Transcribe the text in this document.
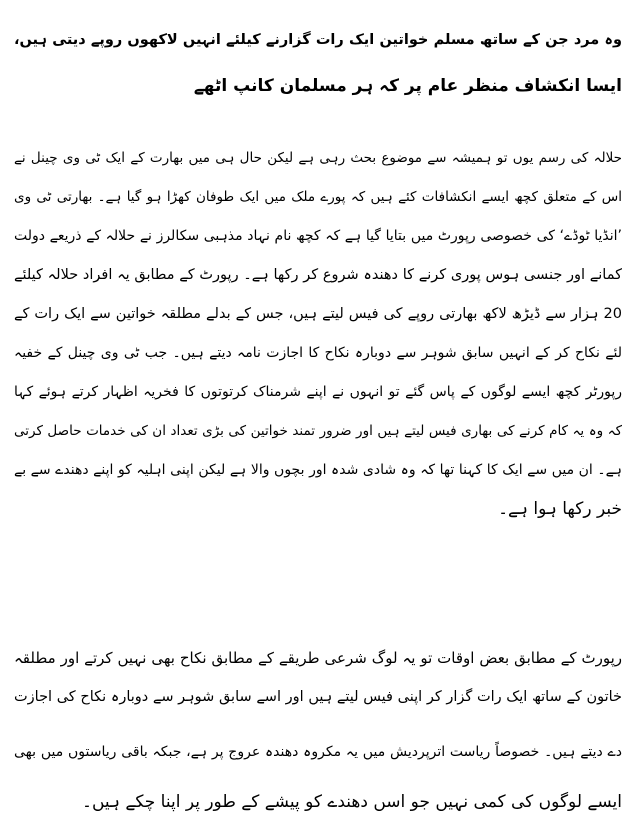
وہ مرد جن کے ساتھ مسلم خواتین ایک رات گزارنے کیلئے انہیں لاکھوں روپے دیتی ہیں،
ایسا انکشاف منظر عام پر کہ ہر مسلمان کانپ اٹھے
حلالہ کی رسم یوں تو ہمیشہ سے موضوع بحث رہی ہے لیکن حال ہی میں بھارت کے ایک ٹی وی چینل نے
اس کے متعلق کچھ ایسے انکشافات کئے ہیں کہ پورے ملک میں ایک طوفان کھڑا ہو گیا ہے۔ بھارتی ٹی وی
’انڈیا ٹوڈے‘ کی خصوصی رپورٹ میں بتایا گیا ہے کہ کچھ نام نہاد مذہبی سکالرز نے حلالہ کے ذریعے دولت
کمانے اور جنسی ہوس پوری کرنے کا دھندہ شروع کر رکھا ہے۔ رپورٹ کے مطابق یہ افراد حلالہ کیلئے
20 ہزار سے ڈیڑھ لاکھ بھارتی روپے کی فیس لیتے ہیں، جس کے بدلے مطلقہ خواتین سے ایک رات کے
لئے نکاح کر کے انہیں سابق شوہر سے دوبارہ نکاح کا اجازت نامہ دیتے ہیں۔ جب ٹی وی چینل کے خفیہ
رپورٹر کچھ ایسے لوگوں کے پاس گئے تو انہوں نے اپنے شرمناک کرتوتوں کا فخریہ اظہار کرتے ہوئے کہا
کہ وہ یہ کام کرنے کی بھاری فیس لیتے ہیں اور ضرور تمند خواتین کی بڑی تعداد ان کی خدمات حاصل کرتی
ہے۔ ان میں سے ایک کا کہنا تھا کہ وہ شادی شدہ اور بچوں والا ہے لیکن اپنی اہلیہ کو اپنے دھندے سے بے
خبر رکھا ہوا ہے۔
رپورٹ کے مطابق بعض اوقات تو یہ لوگ شرعی طریقے کے مطابق نکاح بھی نہیں کرتے اور مطلقہ
خاتون کے ساتھ ایک رات گزار کر اپنی فیس لیتے ہیں اور اسے سابق شوہر سے دوبارہ نکاح کی اجازت
دے دیتے ہیں۔ خصوصاً ریاست اترپردیش میں یہ مکروہ دھندہ عروج پر ہے، جبکہ باقی ریاستوں میں بھی
ایسے لوگوں کی کمی نہیں جو اسں دھندے کو پیشے کے طور پر اپنا چکے ہیں۔
